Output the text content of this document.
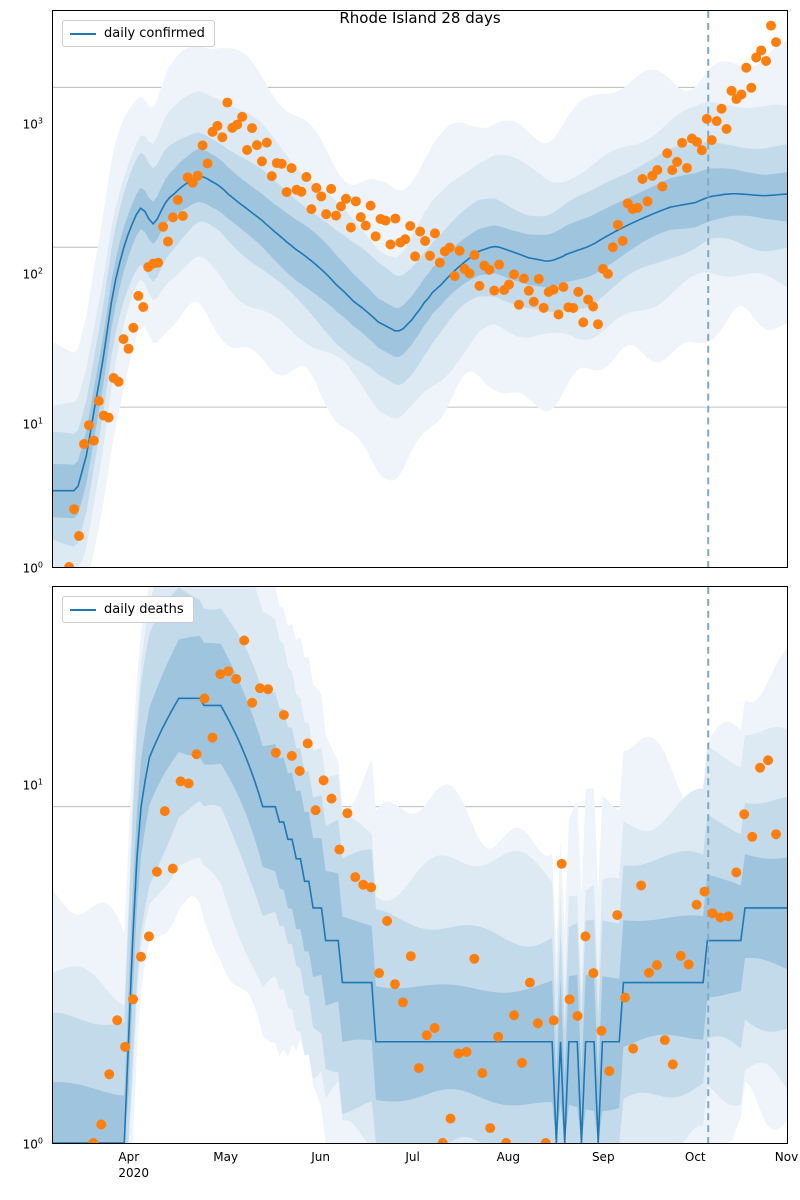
Rhode Island 28 days
daily confirmed
$10^3$
$10^2$
$10^1$
$10^0$
daily deaths
$10^1$
$10^0$
Apr
2020
May	Jun	Jul	Aug	Sep	Oct	Nov
